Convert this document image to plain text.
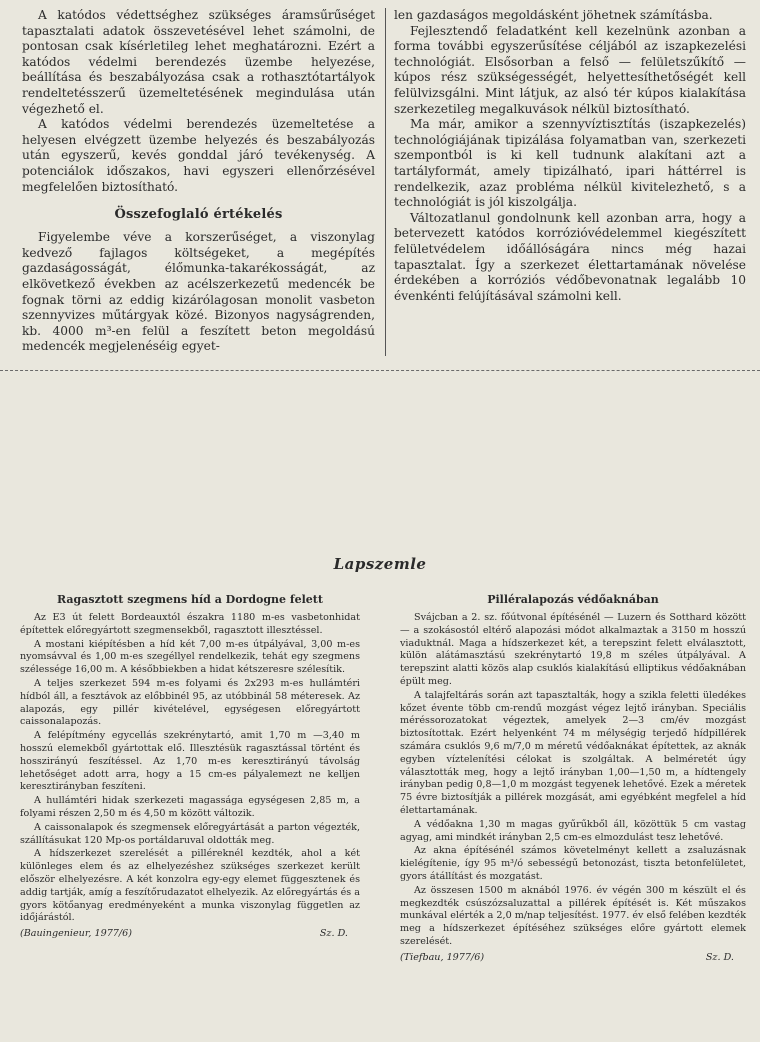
A katódos védettséghez szükséges áramsűrűséget tapasztalati adatok összevetésével lehet számolni, de pontosan csak kísérletileg lehet meghatározni. Ezért a katódos védelmi berendezés üzembe helyezése, beállítása és beszabályozása csak a rothasztótartályok rendeltetésszerű üzemeltetésének megindulása után végezhető el.

A katódos védelmi berendezés üzemeltetése a helyesen elvégzett üzembe helyezés és beszabályozás után egyszerű, kevés gonddal járó tevékenység. A potenciálok időszakos, havi egyszeri ellenőrzésével megfelelően biztosítható.

Összefoglaló értékelés

Figyelembe véve a korszerűséget, a viszonylag kedvező fajlagos költségeket, a megépítés gazdaságosságát, élőmunka-takarékosságát, az elkövetkező években az acélszerkezetű medencék be fognak törni az eddig kizárólagosan monolit vasbeton szennyvizes műtárgyak közé. Bizonyos nagyságrenden, kb. 4000 m³-en felül a feszített beton megoldású medencék megjelenéséig egyet-

len gazdaságos megoldásként jöhetnek számításba.

Fejlesztendő feladatként kell kezelnünk azonban a forma további egyszerűsítése céljából az iszapkezelési technológiát. Elsősorban a felső — felületszűkítő — kúpos rész szükségességét, helyettesíthetőségét kell felülvizsgálni. Mint látjuk, az alsó tér kúpos kialakítása szerkezetileg megalkuvások nélkül biztosítható.

Ma már, amikor a szennyvíztisztítás (iszapkezelés) technológiájának tipizálása folyamatban van, szerkezeti szempontból is ki kell tudnunk alakítani azt a tartályformát, amely tipizálható, ipari háttérrel is rendelkezik, azaz probléma nélkül kivitelezhető, s a technológiát is jól kiszolgálja.

Változatlanul gondolnunk kell azonban arra, hogy a betervezett katódos korrózióvédelemmel kiegészített felületvédelem időállóságára nincs még hazai tapasztalat. Így a szerkezet élettartamának növelése érdekében a korróziós védőbevonatnak legalább 10 évenkénti felújításával számolni kell.

Lapszemle
Ragasztott szegmens híd a Dordogne felett

Az E3 út felett Bordeauxtól északra 1180 m-es vasbetonhidat építettek előregyártott szegmensekből, ragasztott illesztéssel.

A mostani kiépítésben a híd két 7,00 m-es útpályával, 3,00 m-es nyomsávval és 1,00 m-es szegéllyel rendelkezik, tehát egy szegmens szélessége 16,00 m. A későbbiekben a hidat kétszeresre szélesítik.

A teljes szerkezet 594 m-es folyami és 2x293 m-es hullámtéri hídból áll, a fesztávok az előbbinél 95, az utóbbinál 58 méteresek. Az alapozás, egy pillér kivételével, egységesen előregyártott caissonalapozás.

A felépítmény egycellás szekrénytartó, amit 1,70 m —3,40 m hosszú elemekből gyártottak elő. Illesztésük ragasztással történt és hosszirányú feszítéssel. Az 1,70 m-es keresztirányú távolság lehetőséget adott arra, hogy a 15 cm-es pályalemezt ne kelljen keresztirányban feszíteni.

A hullámtéri hidak szerkezeti magassága egységesen 2,85 m, a folyami részen 2,50 m és 4,50 m között változik.

A caissonalapok és szegmensek előregyártását a parton végezték, szállításukat 120 Mp-os portáldaruval oldották meg.

A hídszerkezet szerelését a pilléreknél kezdték, ahol a két különleges elem és az elhelyezéshez szükséges szerkezet került először elhelyezésre. A két konzolra egy-egy elemet függesztenek és addig tartják, amíg a feszítőrudazatot elhelyezik. Az előregyártás és a gyors kötőanyag eredményeként a munka viszonylag független az időjárástól.

(Bauingenieur, 1977/6)	Sz. D.
Pilléralapozás védőaknában

Svájcban a 2. sz. főútvonal építésénél — Luzern és Sotthard között — a szokásostól eltérő alapozási módot alkalmaztak a 3150 m hosszú viaduktnál. Maga a hídszerkezet két, a terepszint felett elválasztott, külön alátámasztású szekrénytartó 19,8 m széles útpályával. A terepszint alatti közös alap csuklós kialakítású elliptikus védőaknában épült meg.

A talajfeltárás során azt tapasztalták, hogy a szikla feletti üledékes kőzet évente több cm-rendű mozgást végez lejtő irányban. Speciális méréssorozatokat végeztek, amelyek 2—3 cm/év mozgást biztosítottak. Ezért helyenként 74 m mélységig terjedő hídpillérek számára csuklós 9,6 m/7,0 m méretű védőaknákat építettek, az aknák egyben víztelenítési célokat is szolgáltak. A belméretét úgy választották meg, hogy a lejtő irányban 1,00—1,50 m, a hídtengely irányban pedig 0,8—1,0 m mozgást tegyenek lehetővé. Ezek a méretek 75 évre biztosítják a pillérek mozgását, ami egyébként megfelel a híd élettartamának.

A védőakna 1,30 m magas gyűrűkből áll, közöttük 5 cm vastag agyag, ami mindkét irányban 2,5 cm-es elmozdulást tesz lehetővé.

Az akna építésénél számos követelményt kellett a zsaluzásnak kielégítenie, így 95 m³/ó sebességű betonozást, tiszta betonfelületet, gyors átállítást és mozgatást.

Az összesen 1500 m aknából 1976. év végén 300 m készült el és megkezdték csúszózsaluzattal a pillérek építését is. Két műszakos munkával elérték a 2,0 m/nap teljesítést. 1977. év első felében kezdték meg a hídszerkezet építéséhez szükséges előre gyártott elemek szerelését.

(Tiefbau, 1977/6)	Sz. D.
